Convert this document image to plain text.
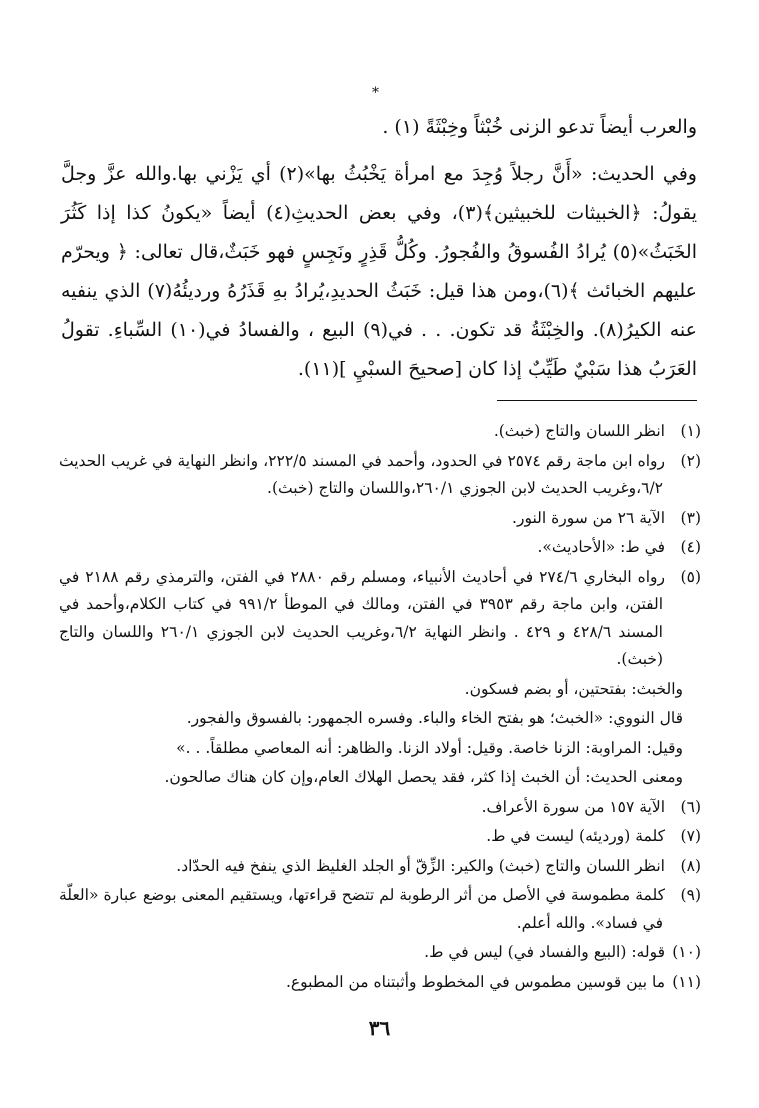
*

والعرب أيضاً تدعو الزنى خُبْثاً وخِبْثَةً (١) .

وفي الحديث: «أَنَّ رجلاً وُجِدَ مع امرأة يَخْبُثُ بها»(٢) أي يَزْني بها.والله عزَّ وجلَّ يقولُ: ﴿الخبيثات للخبيثين﴾(٣)، وفي بعض الحديثِ(٤) أيضاً «يكونُ كذا إذا كَثُرَ الخَبَثُ»(٥) يُرادُ الفُسوقُ والفُجورُ. وكُلُّ قَذِرٍ ونَجِسٍ فهو خَبَثٌ،قال تعالى: ﴿ ويحرّم عليهم الخبائث ﴾(٦)،ومن هذا قيل: خَبَثُ الحديدِ،يُرادُ بهِ قَذَرُهُ ورديئُهُ(٧) الذي ينفيه عنه الكيرُ(٨). والخِبْثَةُ قد تكون. . . في(٩) البيع ، والفسادُ في(١٠) السِّباءِ. تقولُ العَرَبُ هذا سَبْيٌ طَيِّبٌ إذا كان [صحيحَ السبْيِ ](١١).

(١)انظر اللسان والتاج (خبث).

(٢)رواه ابن ماجة رقم ٢٥٧٤ في الحدود، وأحمد في المسند ٢٢٢/٥، وانظر النهاية في غريب الحديث ٦/٢،وغريب الحديث لابن الجوزي ٢٦٠/١،واللسان والتاج (خبث).

(٣)الآية ٢٦ من سورة النور.

(٤)في ط: «الأحاديث».

(٥)رواه البخاري ٢٧٤/٦ في أحاديث الأنبياء، ومسلم رقم ٢٨٨٠ في الفتن، والترمذي رقم ٢١٨٨ في الفتن، وابن ماجة رقم ٣٩٥٣ في الفتن، ومالك في الموطأ ٩٩١/٢ في كتاب الكلام،وأحمد في المسند ٤٢٨/٦ و ٤٢٩ . وانظر النهاية ٦/٢،وغريب الحديث لابن الجوزي ٢٦٠/١ واللسان والتاج (خبث).

والخبث: بفتحتين، أو بضم فسكون.

قال النووي: «الخبث؛ هو بفتح الخاء والباء. وفسره الجمهور: بالفسوق والفجور.

وقيل: المراوبة: الزنا خاصة. وقيل: أولاد الزنا. والظاهر: أنه المعاصي مطلقاً. . .»

ومعنى الحديث: أن الخبث إذا كثر، فقد يحصل الهلاك العام،وإن كان هناك صالحون.

(٦)الآية ١٥٧ من سورة الأعراف.

(٧)كلمة (ورديئه) ليست في ط.

(٨)انظر اللسان والتاج (خبث) والكير: الزِّقّ أو الجلد الغليظ الذي ينفخ فيه الحدّاد.

(٩)كلمة مطموسة في الأصل من أثر الرطوبة لم تتضح قراءتها، ويستقيم المعنى بوضع عبارة «العلّة في فساد». والله أعلم.

(١٠)قوله: (البيع والفساد في) ليس في ط.

(١١)ما بين قوسين مطموس في المخطوط وأثبتناه من المطبوع.

٣٦
